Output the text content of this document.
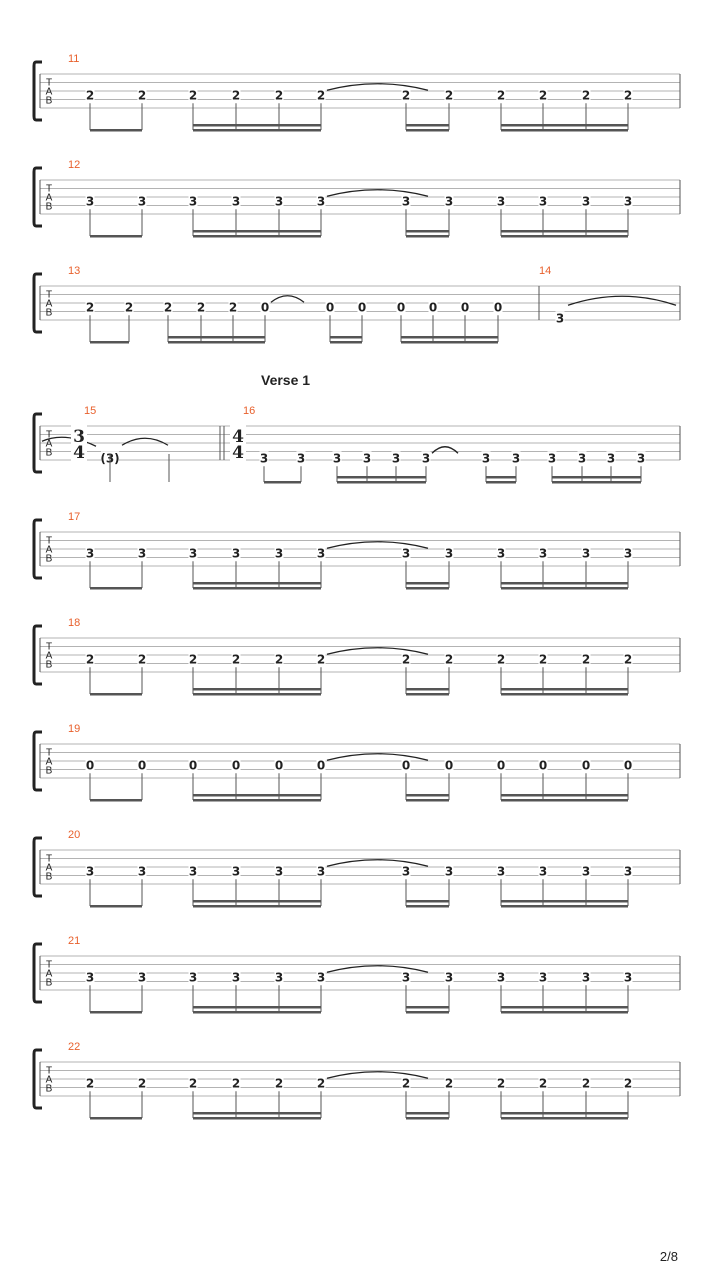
T
A
B
11
2	2	2	2	2	2	2	2	2	2	2	2
T
A
B
12
3	3	3	3	3	3	3	3	3	3	3	3
T
A
B
17
3	3	3	3	3	3	3	3	3	3	3	3
T
A
B
18
2	2	2	2	2	2	2	2	2	2	2	2
T
A
B
19
0	0	0	0	0	0	0	0	0	0	0	0
T
A
B
20
3	3	3	3	3	3	3	3	3	3	3	3
T
A
B
21
3	3	3	3	3	3	3	3	3	3	3	3
T
A
B
22
2	2	2	2	2	2	2	2	2	2	2	2
T
A
B
13	14
2	2	2 2 2 0	0 0	0 0 0 0
3
Verse 1
T
A
B
15	16
3
4 (3)
4
4 3 3 3 3 3 3	3 3 3 3 3 3
2/8
